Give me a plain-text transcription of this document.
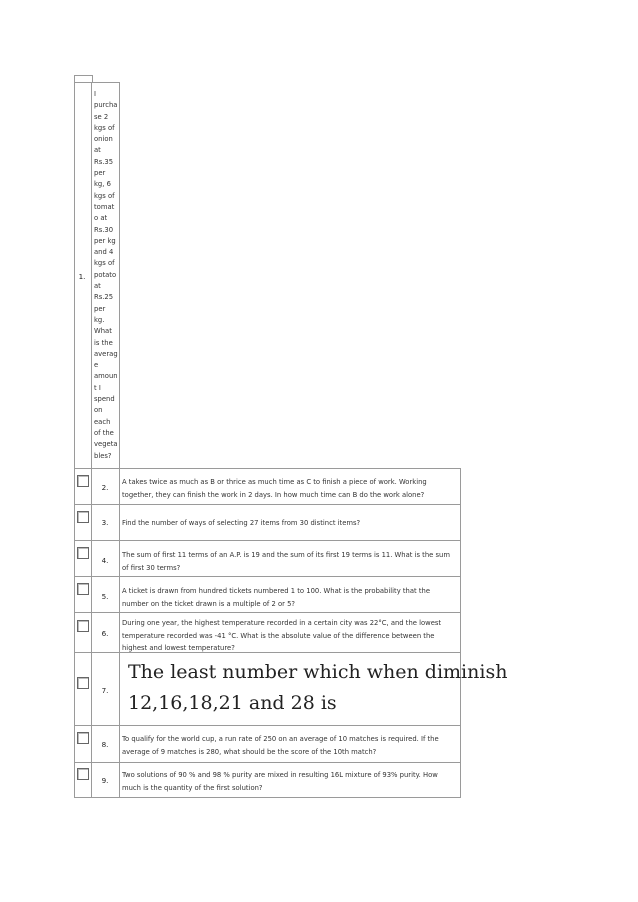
1.
I
purcha
se 2
kgs of
onion
at
Rs.35
per
kg, 6
kgs of
tomat
o at
Rs.30
per kg
and 4
kgs of
potato
at
Rs.25
per
kg.
What
is the
averag
e
amoun
t I
spend
on
each
of the
vegeta
bles?
2.
A takes twice as much as B or thrice as much time as C to finish a piece of work. Working together, they can finish the work in 2 days. In how much time can B do the work alone?
3.	Find the number of ways of selecting 27 items from 30 distinct items?
4.
The sum of first 11 terms of an A.P. is 19 and the sum of its first 19 terms is 11. What is the sum of first 30 terms?
5.
A ticket is drawn from hundred tickets numbered 1 to 100. What is the probability that the number on the ticket drawn is a multiple of 2 or 5?
6.
During one year, the highest temperature recorded in a certain city was 22°C, and the lowest temperature recorded was -41 °C. What is the absolute value of the difference between the highest and lowest temperature?
7.
The least number which when diminish
12,16,18,21 and 28 is
8.
To qualify for the world cup, a run rate of 250 on an average of 10 matches is required. If the average of 9 matches is 280, what should be the score of the 10th match?
9.
Two solutions of 90 % and 98 % purity are mixed in resulting 16L mixture of 93% purity. How much is the quantity of the first solution?
